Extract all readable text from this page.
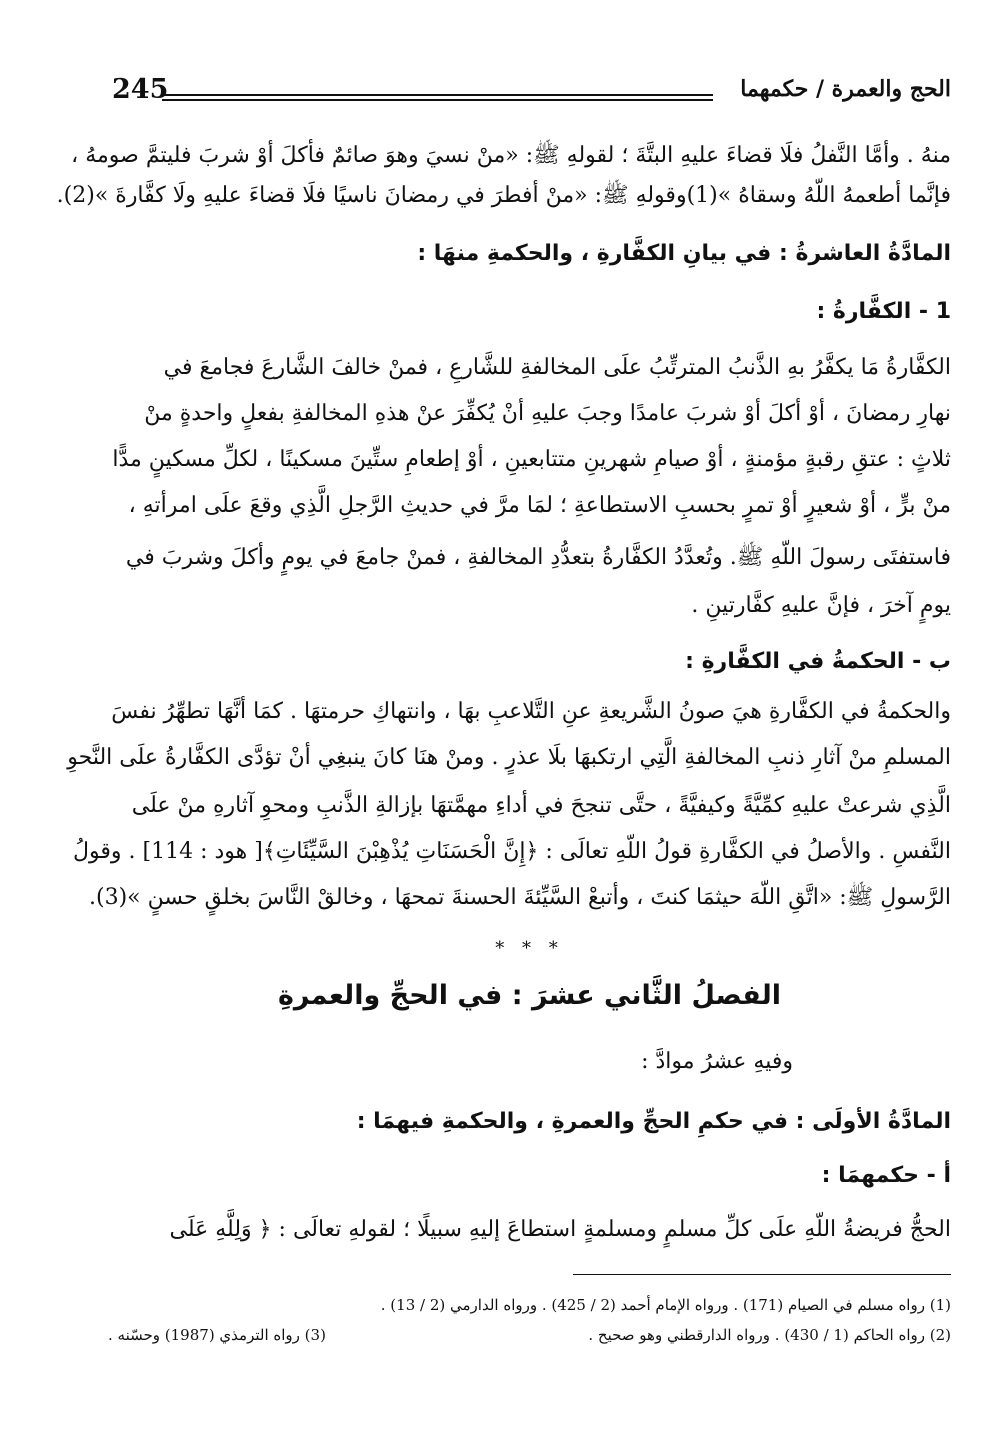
245	الحج والعمرة / حكمهما
منهُ . وأمَّا النَّفلُ فلَا قضاءَ عليهِ البتَّةَ ؛ لقولهِ ﷺ: «منْ نسيَ وهوَ صائمٌ فأكلَ أوْ شربَ فليتمَّ صومهُ ،
فإنَّما أطعمهُ اللّهُ وسقاهُ »(1)وقولهِ ﷺ: «منْ أفطرَ في رمضانَ ناسيًا فلَا قضاءَ عليهِ ولَا كفَّارةَ »(2).
المادَّةُ العاشرةُ : في بيانِ الكفَّارةِ ، والحكمةِ منهَا :
1 - الكفَّارةُ :
الكفَّارةُ مَا يكفَّرُ بهِ الذَّنبُ المترتِّبُ علَى المخالفةِ للشَّارعِ ، فمنْ خالفَ الشَّارعَ فجامعَ في
نهارِ رمضانَ ، أوْ أكلَ أوْ شربَ عامدًا وجبَ عليهِ أنْ يُكفِّرَ عنْ هذهِ المخالفةِ بفعلٍ واحدةٍ منْ
ثلاثٍ : عتقِ رقبةٍ مؤمنةٍ ، أوْ صيامِ شهرينِ متتابعينِ ، أوْ إطعامِ ستِّينَ مسكينًا ، لكلِّ مسكينٍ مدًّا
منْ برٍّ ، أوْ شعيرٍ أوْ تمرٍ بحسبِ الاستطاعةِ ؛ لمَا مرَّ في حديثِ الرَّجلِ الَّذِي وقعَ علَى امرأتهِ ،
فاستفتَى رسولَ اللّهِ ﷺ. وتُعدَّدُ الكفَّارةُ بتعدُّدِ المخالفةِ ، فمنْ جامعَ في يومٍ وأكلَ وشربَ في
يومٍ آخرَ ، فإنَّ عليهِ كفَّارتينِ .
ب - الحكمةُ في الكفَّارةِ :
والحكمةُ في الكفَّارةِ هيَ صونُ الشَّريعةِ عنِ التَّلاعبِ بهَا ، وانتهاكِ حرمتهَا . كمَا أنَّهَا تطهِّرُ نفسَ
المسلمِ منْ آثارِ ذنبِ المخالفةِ الَّتِي ارتكبهَا بلَا عذرٍ . ومنْ هنَا كانَ ينبغِي أنْ تؤدَّى الكفَّارةُ علَى النَّحوِ
الَّذِي شرعتْ عليهِ كمِّيَّةً وكيفيَّةً ، حتَّى تنجحَ في أداءِ مهمَّتهَا بإزالةِ الذَّنبِ ومحوِ آثارهِ منْ علَى
النَّفسِ . والأصلُ في الكفَّارةِ قولُ اللّهِ تعالَى : ﴿إِنَّ الْحَسَنَاتِ يُذْهِبْنَ السَّيِّئَاتِ﴾[ هود : 114] . وقولُ
الرَّسولِ ﷺ: «اتَّقِ اللّهَ حيثمَا كنتَ ، وأتبعْ السَّيِّئةَ الحسنةَ تمحهَا ، وخالقْ النَّاسَ بخلقٍ حسنٍ »(3).
* * *
الفصلُ الثَّاني عشرَ : في الحجِّ والعمرةِ
وفيهِ عشرُ موادَّ :
المادَّةُ الأولَى : في حكمِ الحجِّ والعمرةِ ، والحكمةِ فيهمَا :
أ - حكمهمَا :
الحجُّ فريضةُ اللّهِ علَى كلِّ مسلمٍ ومسلمةٍ استطاعَ إليهِ سبيلًا ؛ لقولهِ تعالَى : ﴿ وَلِلَّهِ عَلَى
(1) رواه مسلم في الصيام (171) . ورواه الإمام أحمد (2 / 425) . ورواه الدارمي (2 / 13) .
(2) رواه الحاكم (1 / 430) . ورواه الدارقطني وهو صحيح .
(3) رواه الترمذي (1987) وحسّنه .
